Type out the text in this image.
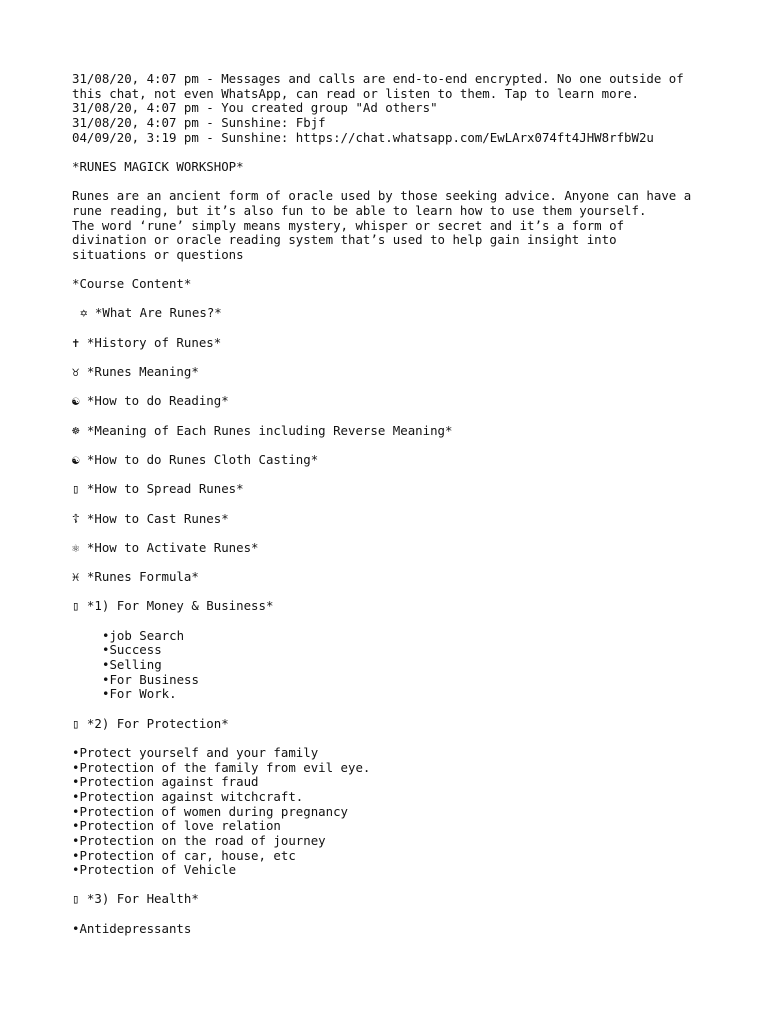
31/08/20, 4:07 pm - Messages and calls are end-to-end encrypted. No one outside of
this chat, not even WhatsApp, can read or listen to them. Tap to learn more.
31/08/20, 4:07 pm - You created group "Ad others"
31/08/20, 4:07 pm - Sunshine: Fbjf
04/09/20, 3:19 pm - Sunshine: https://chat.whatsapp.com/EwLArx074ft4JHW8rfbW2u
*RUNES MAGICK WORKSHOP*
Runes are an ancient form of oracle used by those seeking advice. Anyone can have a
rune reading, but it’s also fun to be able to learn how to use them yourself.
The word ‘rune’ simply means mystery, whisper or secret and it’s a form of
divination or oracle reading system that’s used to help gain insight into
situations or questions
*Course Content*
✡ *What Are Runes?*
✝ *History of Runes*
♉ *Runes Meaning*
☯ *How to do Reading*
☸ *Meaning of Each Runes including Reverse Meaning*
☯ *How to do Runes Cloth Casting*
▯ *How to Spread Runes*
☦ *How to Cast Runes*
⚛ *How to Activate Runes*
♓ *Runes Formula*
▯ *1) For Money & Business*
•job Search
•Success
•Selling
•For Business
•For Work.
▯ *2) For Protection*
•Protect yourself and your family
•Protection of the family from evil eye.
•Protection against fraud
•Protection against witchcraft.
•Protection of women during pregnancy
•Protection of love relation
•Protection on the road of journey
•Protection of car, house, etc
•Protection of Vehicle
▯ *3) For Health*
•Antidepressants
